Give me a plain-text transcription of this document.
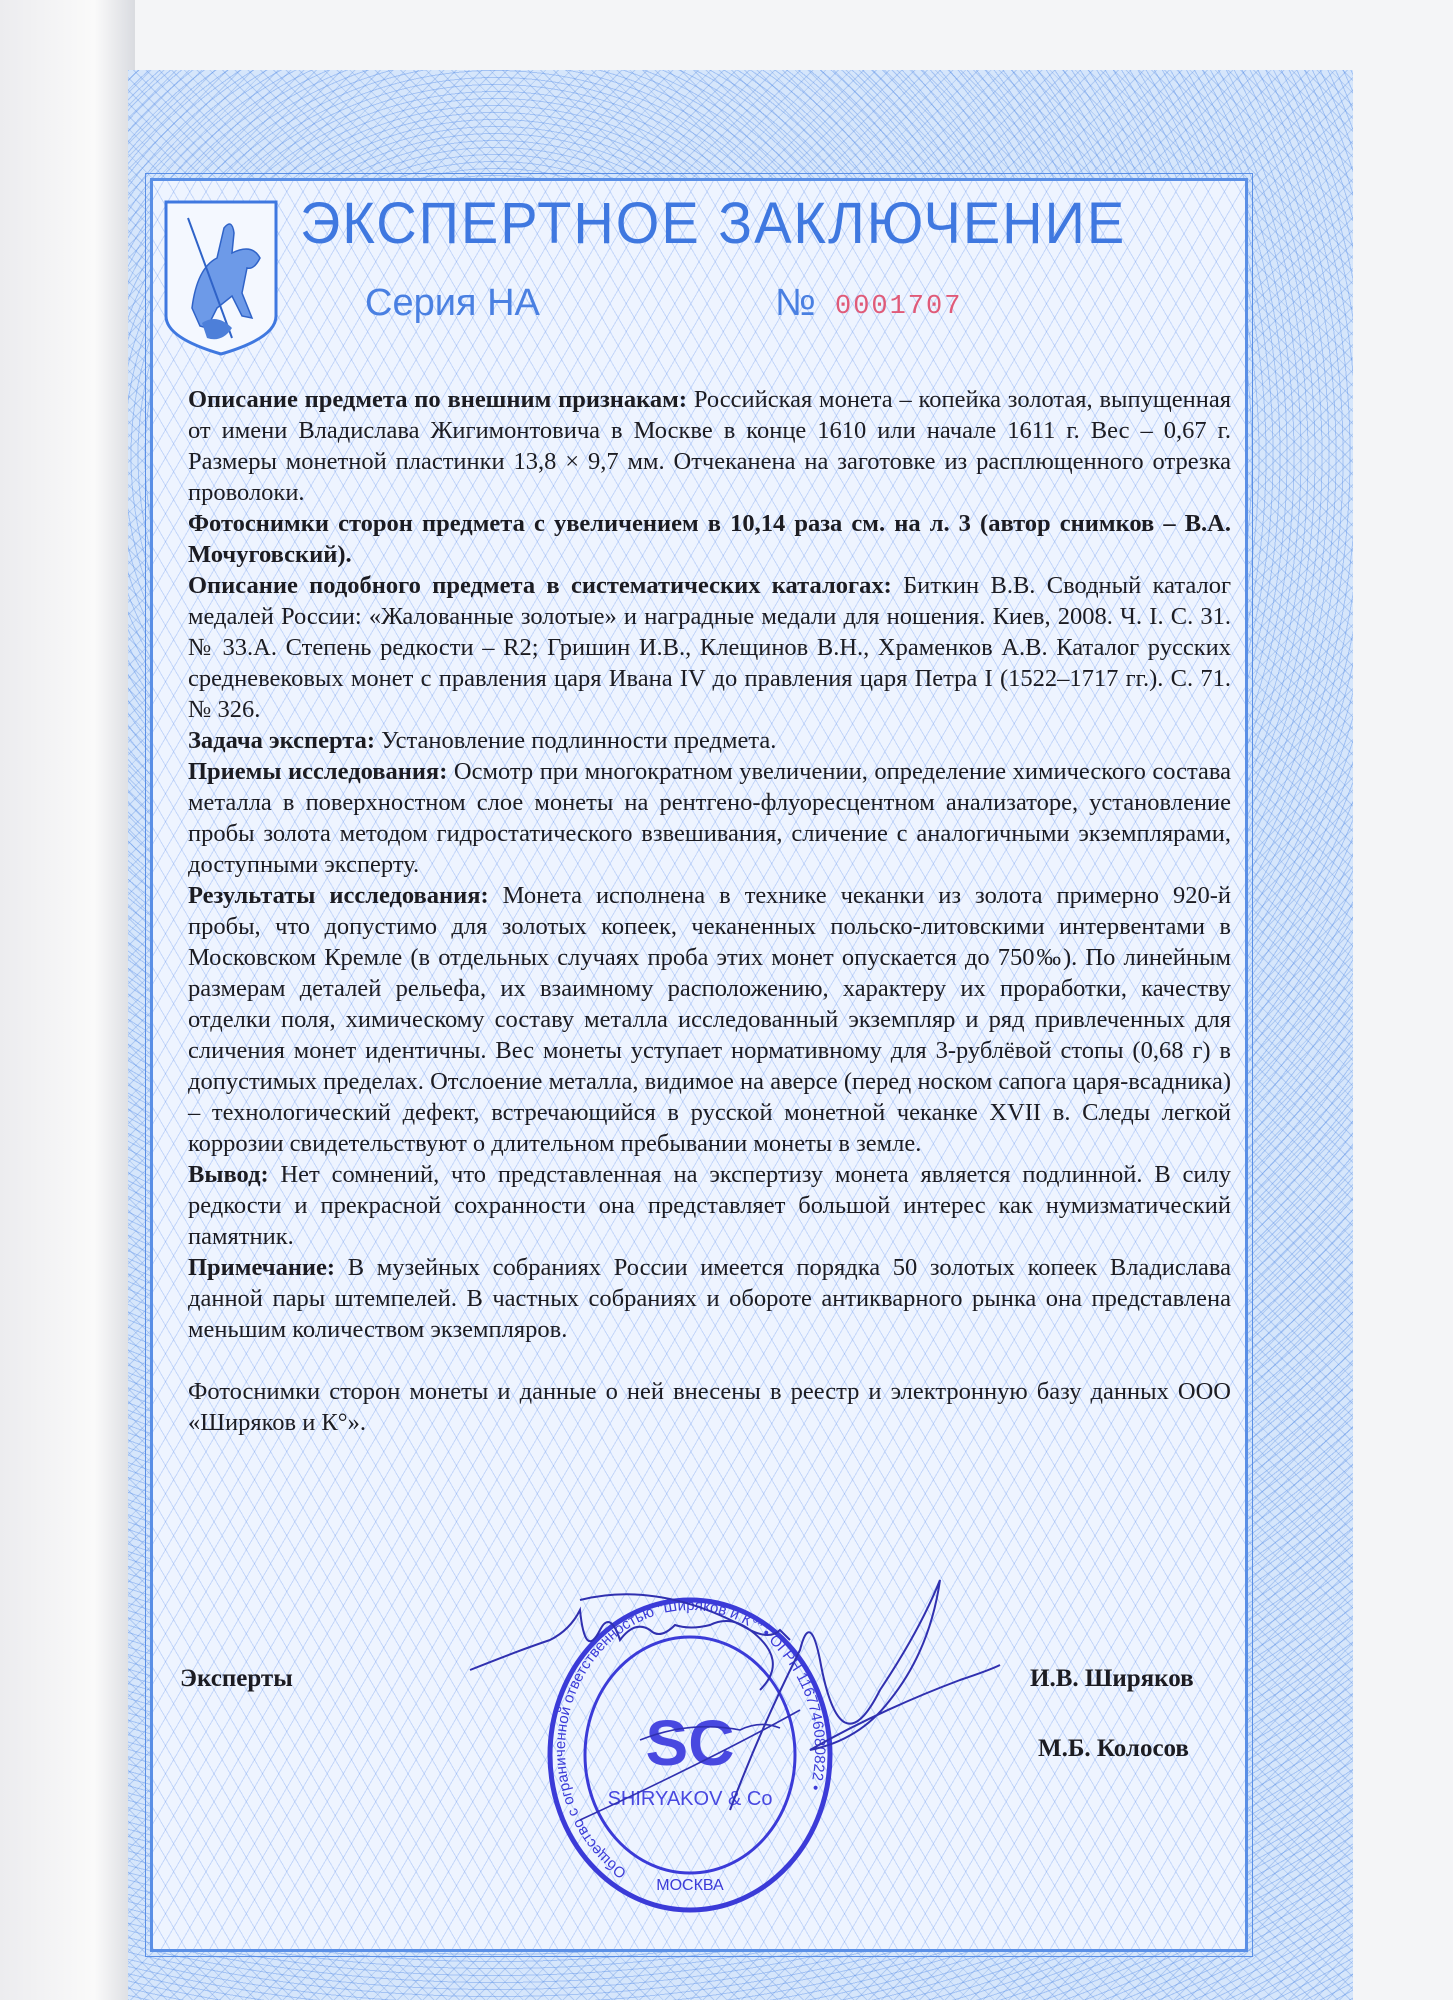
ЭКСПЕРТНОЕ ЗАКЛЮЧЕНИЕ
Серия НА	№ 0001707

Описание предмета по внешним признакам: Российская монета – копейка золотая, выпущенная от имени Владислава Жигимонтовича в Москве в конце 1610 или начале 1611 г. Вес – 0,67 г. Размеры монетной пластинки 13,8 × 9,7 мм. Отчеканена на заготовке из расплющенного отрезка проволоки.

Фотоснимки сторон предмета с увеличением в 10,14 раза см. на л. 3 (автор снимков – В.А. Мочуговский).

Описание подобного предмета в систематических каталогах: Биткин В.В. Сводный каталог медалей России: «Жалованные золотые» и наградные медали для ношения. Киев, 2008. Ч. I. С. 31. № 33.А. Степень редкости – R2; Гришин И.В., Клещинов В.Н., Храменков А.В. Каталог русских средневековых монет с правления царя Ивана IV до правления царя Петра I (1522–1717 гг.). С. 71. № 326.

Задача эксперта: Установление подлинности предмета.

Приемы исследования: Осмотр при многократном увеличении, определение химического состава металла в поверхностном слое монеты на рентгено-флуоресцентном анализаторе, установление пробы золота методом гидростатического взвешивания, сличение с аналогичными экземплярами, доступными эксперту.

Результаты исследования: Монета исполнена в технике чеканки из золота примерно 920-й пробы, что допустимо для золотых копеек, чеканенных польско-литовскими интервентами в Московском Кремле (в отдельных случаях проба этих монет опускается до 750‰). По линейным размерам деталей рельефа, их взаимному расположению, характеру их проработки, качеству отделки поля, химическому составу металла исследованный экземпляр и ряд привлеченных для сличения монет идентичны. Вес монеты уступает нормативному для 3-рублёвой стопы (0,68 г) в допустимых пределах. Отслоение металла, видимое на аверсе (перед носком сапога царя-всадника) – технологический дефект, встречающийся в русской монетной чеканке XVII в. Следы легкой коррозии свидетельствуют о длительном пребывании монеты в земле.

Вывод: Нет сомнений, что представленная на экспертизу монета является подлинной. В силу редкости и прекрасной сохранности она представляет большой интерес как нумизматический памятник.

Примечание: В музейных собраниях России имеется порядка 50 золотых копеек Владислава данной пары штемпелей. В частных собраниях и обороте антикварного рынка она представлена меньшим количеством экземпляров.

Фотоснимки сторон монеты и данные о ней внесены в реестр и электронную базу данных ООО «Ширяков и К°».

Эксперты	И.В. Ширяков
М.Б. Колосов
Общество с ограниченной ответственностью "Ширяков и К°" • ОГРН 1167746080822 •
МОСКВА
SC
SHIRYAKOV & Co
